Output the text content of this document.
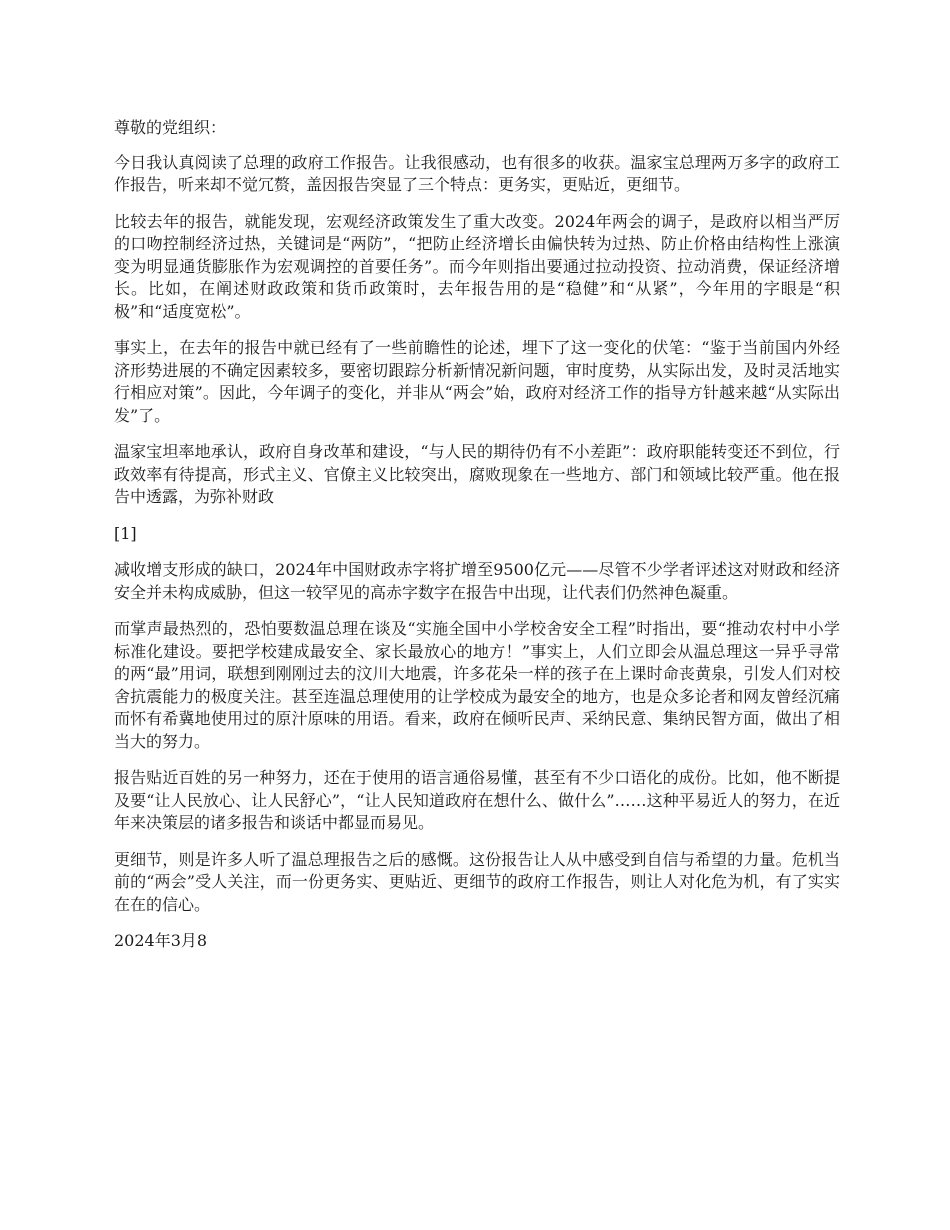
尊敬的党组织：

今日我认真阅读了总理的政府工作报告。让我很感动，也有很多的收获。温家宝总理两万多字的政府工作报告，听来却不觉冗赘，盖因报告突显了三个特点：更务实，更贴近，更细节。

比较去年的报告，就能发现，宏观经济政策发生了重大改变。2024年两会的调子，是政府以相当严厉的口吻控制经济过热，关键词是“两防”，“把防止经济增长由偏快转为过热、防止价格由结构性上涨演变为明显通货膨胀作为宏观调控的首要任务”。而今年则指出要通过拉动投资、拉动消费，保证经济增长。比如，在阐述财政政策和货币政策时，去年报告用的是“稳健”和“从紧”，今年用的字眼是“积极”和“适度宽松”。

事实上，在去年的报告中就已经有了一些前瞻性的论述，埋下了这一变化的伏笔：“鉴于当前国内外经济形势进展的不确定因素较多，要密切跟踪分析新情况新问题，审时度势，从实际出发，及时灵活地实行相应对策”。因此，今年调子的变化，并非从“两会”始，政府对经济工作的指导方针越来越“从实际出发”了。

温家宝坦率地承认，政府自身改革和建设，“与人民的期待仍有不小差距”：政府职能转变还不到位，行政效率有待提高，形式主义、官僚主义比较突出，腐败现象在一些地方、部门和领域比较严重。他在报告中透露，为弥补财政

[1]

减收增支形成的缺口，2024年中国财政赤字将扩增至9500亿元——尽管不少学者评述这对财政和经济安全并未构成威胁，但这一较罕见的高赤字数字在报告中出现，让代表们仍然神色凝重。

而掌声最热烈的，恐怕要数温总理在谈及“实施全国中小学校舍安全工程”时指出，要“推动农村中小学标准化建设。要把学校建成最安全、家长最放心的地方！”事实上，人们立即会从温总理这一异乎寻常的两“最”用词，联想到刚刚过去的汶川大地震，许多花朵一样的孩子在上课时命丧黄泉，引发人们对校舍抗震能力的极度关注。甚至连温总理使用的让学校成为最安全的地方，也是众多论者和网友曾经沉痛而怀有希冀地使用过的原汁原味的用语。看来，政府在倾听民声、采纳民意、集纳民智方面，做出了相当大的努力。

报告贴近百姓的另一种努力，还在于使用的语言通俗易懂，甚至有不少口语化的成份。比如，他不断提及要“让人民放心、让人民舒心”，“让人民知道政府在想什么、做什么”……这种平易近人的努力，在近年来决策层的诸多报告和谈话中都显而易见。

更细节，则是许多人听了温总理报告之后的感慨。这份报告让人从中感受到自信与希望的力量。危机当前的“两会”受人关注，而一份更务实、更贴近、更细节的政府工作报告，则让人对化危为机，有了实实在在的信心。

2024年3月8
